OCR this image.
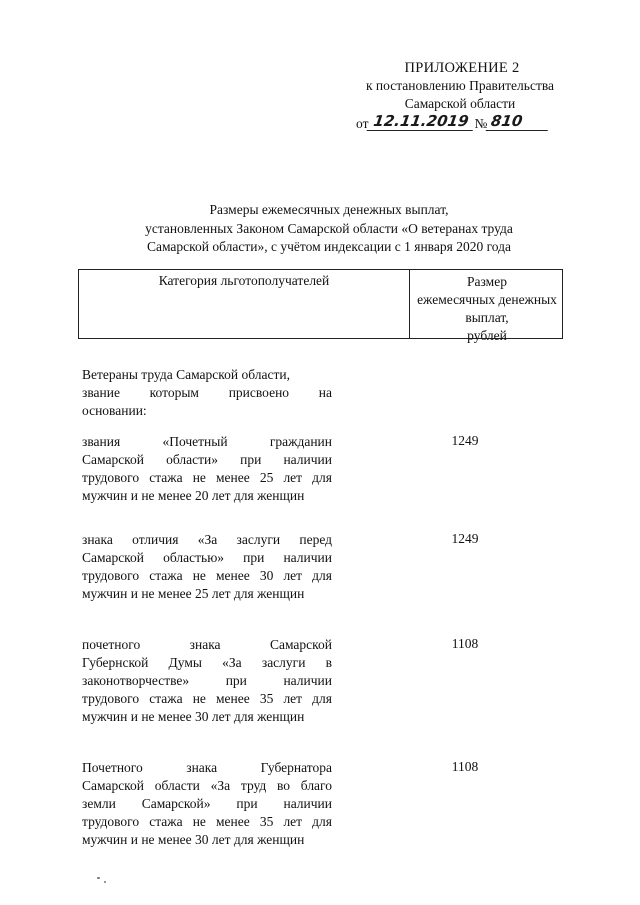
ПРИЛОЖЕНИЕ 2
к постановлению Правительства
Самарской области
от 12.11.2019 № 810
Размеры ежемесячных денежных выплат,
установленных Законом Самарской области «О ветеранах труда
Самарской области», с учётом индексации с 1 января 2020 года
Категория льготополучателей	Размер
ежемесячных денежных выплат,
рублей
Ветераны труда Самарской области,
звание которым присвоено на
основании:
звания «Почетный гражданин
Самарской области» при наличии
трудового стажа не менее 25 лет для
мужчин и не менее 20 лет для женщин
1249
знака отличия «За заслуги перед
Самарской областью» при наличии
трудового стажа не менее 30 лет для
мужчин и не менее 25 лет для женщин
1249
почетного знака Самарской
Губернской Думы «За заслуги в
законотворчестве» при наличии
трудового стажа не менее 35 лет для
мужчин и не менее 30 лет для женщин
1108
Почетного знака Губернатора
Самарской области «За труд во благо
земли Самарской» при наличии
трудового стажа не менее 35 лет для
мужчин и не менее 30 лет для женщин
1108
